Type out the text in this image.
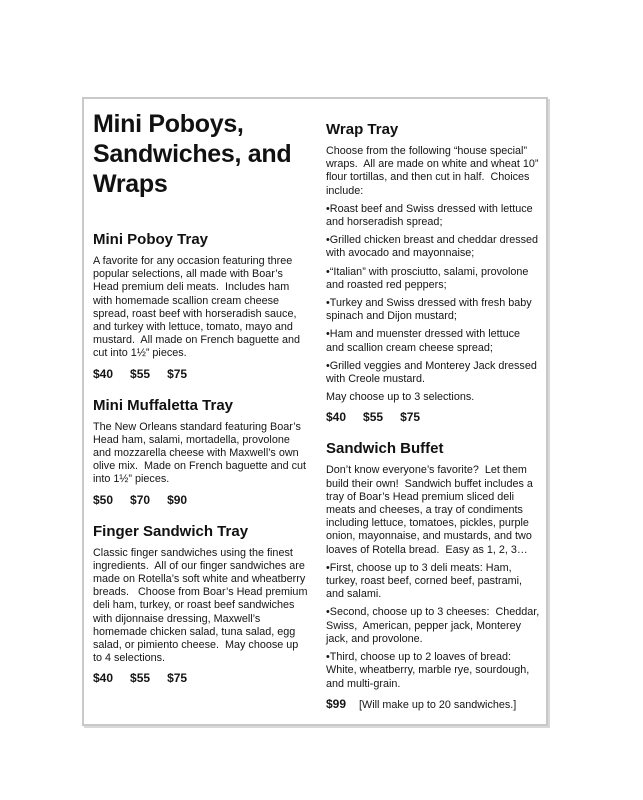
Mini Poboys, Sandwiches, and Wraps
Mini Poboy Tray

A favorite for any occasion featuring three popular selections, all made with Boar’s Head premium deli meats.  Includes ham with homemade scallion cream cheese spread, roast beef with horseradish sauce, and turkey with lettuce, tomato, mayo and mustard.  All made on French baguette and cut into 1½” pieces.

$40 $55 $75
Mini Muffaletta Tray

The New Orleans standard featuring Boar’s Head ham, salami, mortadella, provolone and mozzarella cheese with Maxwell’s own olive mix.  Made on French baguette and cut into 1½” pieces.

$50 $70 $90
Finger Sandwich Tray

Classic finger sandwiches using the finest ingredients.  All of our finger sandwiches are made on Rotella’s soft white and wheatberry breads.   Choose from Boar’s Head premium deli ham, turkey, or roast beef sandwiches with dijonnaise dressing, Maxwell’s homemade chicken salad, tuna salad, egg salad, or pimiento cheese.  May choose up to 4 selections.

$40 $55 $75
Wrap Tray

Choose from the following “house special” wraps.  All are made on white and wheat 10” flour tortillas, and then cut in half.  Choices include:

• Roast beef and Swiss dressed with lettuce and horseradish spread;

• Grilled chicken breast and cheddar dressed with avocado and mayonnaise;

• “Italian” with prosciutto, salami, provolone and roasted red peppers;

• Turkey and Swiss dressed with fresh baby spinach and Dijon mustard;

• Ham and muenster dressed with lettuce and scallion cream cheese spread;

• Grilled veggies and Monterey Jack dressed with Creole mustard.

May choose up to 3 selections.

$40 $55 $75
Sandwich Buffet

Don’t know everyone’s favorite?  Let them build their own!  Sandwich buffet includes a tray of Boar’s Head premium sliced deli meats and cheeses, a tray of condiments including lettuce, tomatoes, pickles, purple onion, mayonnaise, and mustards, and two loaves of Rotella bread.  Easy as 1, 2, 3…

• First, choose up to 3 deli meats: Ham, turkey, roast beef, corned beef, pastrami, and salami.

• Second, choose up to 3 cheeses:  Cheddar, Swiss,  American, pepper jack, Monterey jack, and provolone.

• Third, choose up to 2 loaves of bread: White, wheatberry, marble rye, sourdough, and multi-grain.

$99 [Will make up to 20 sandwiches.]
